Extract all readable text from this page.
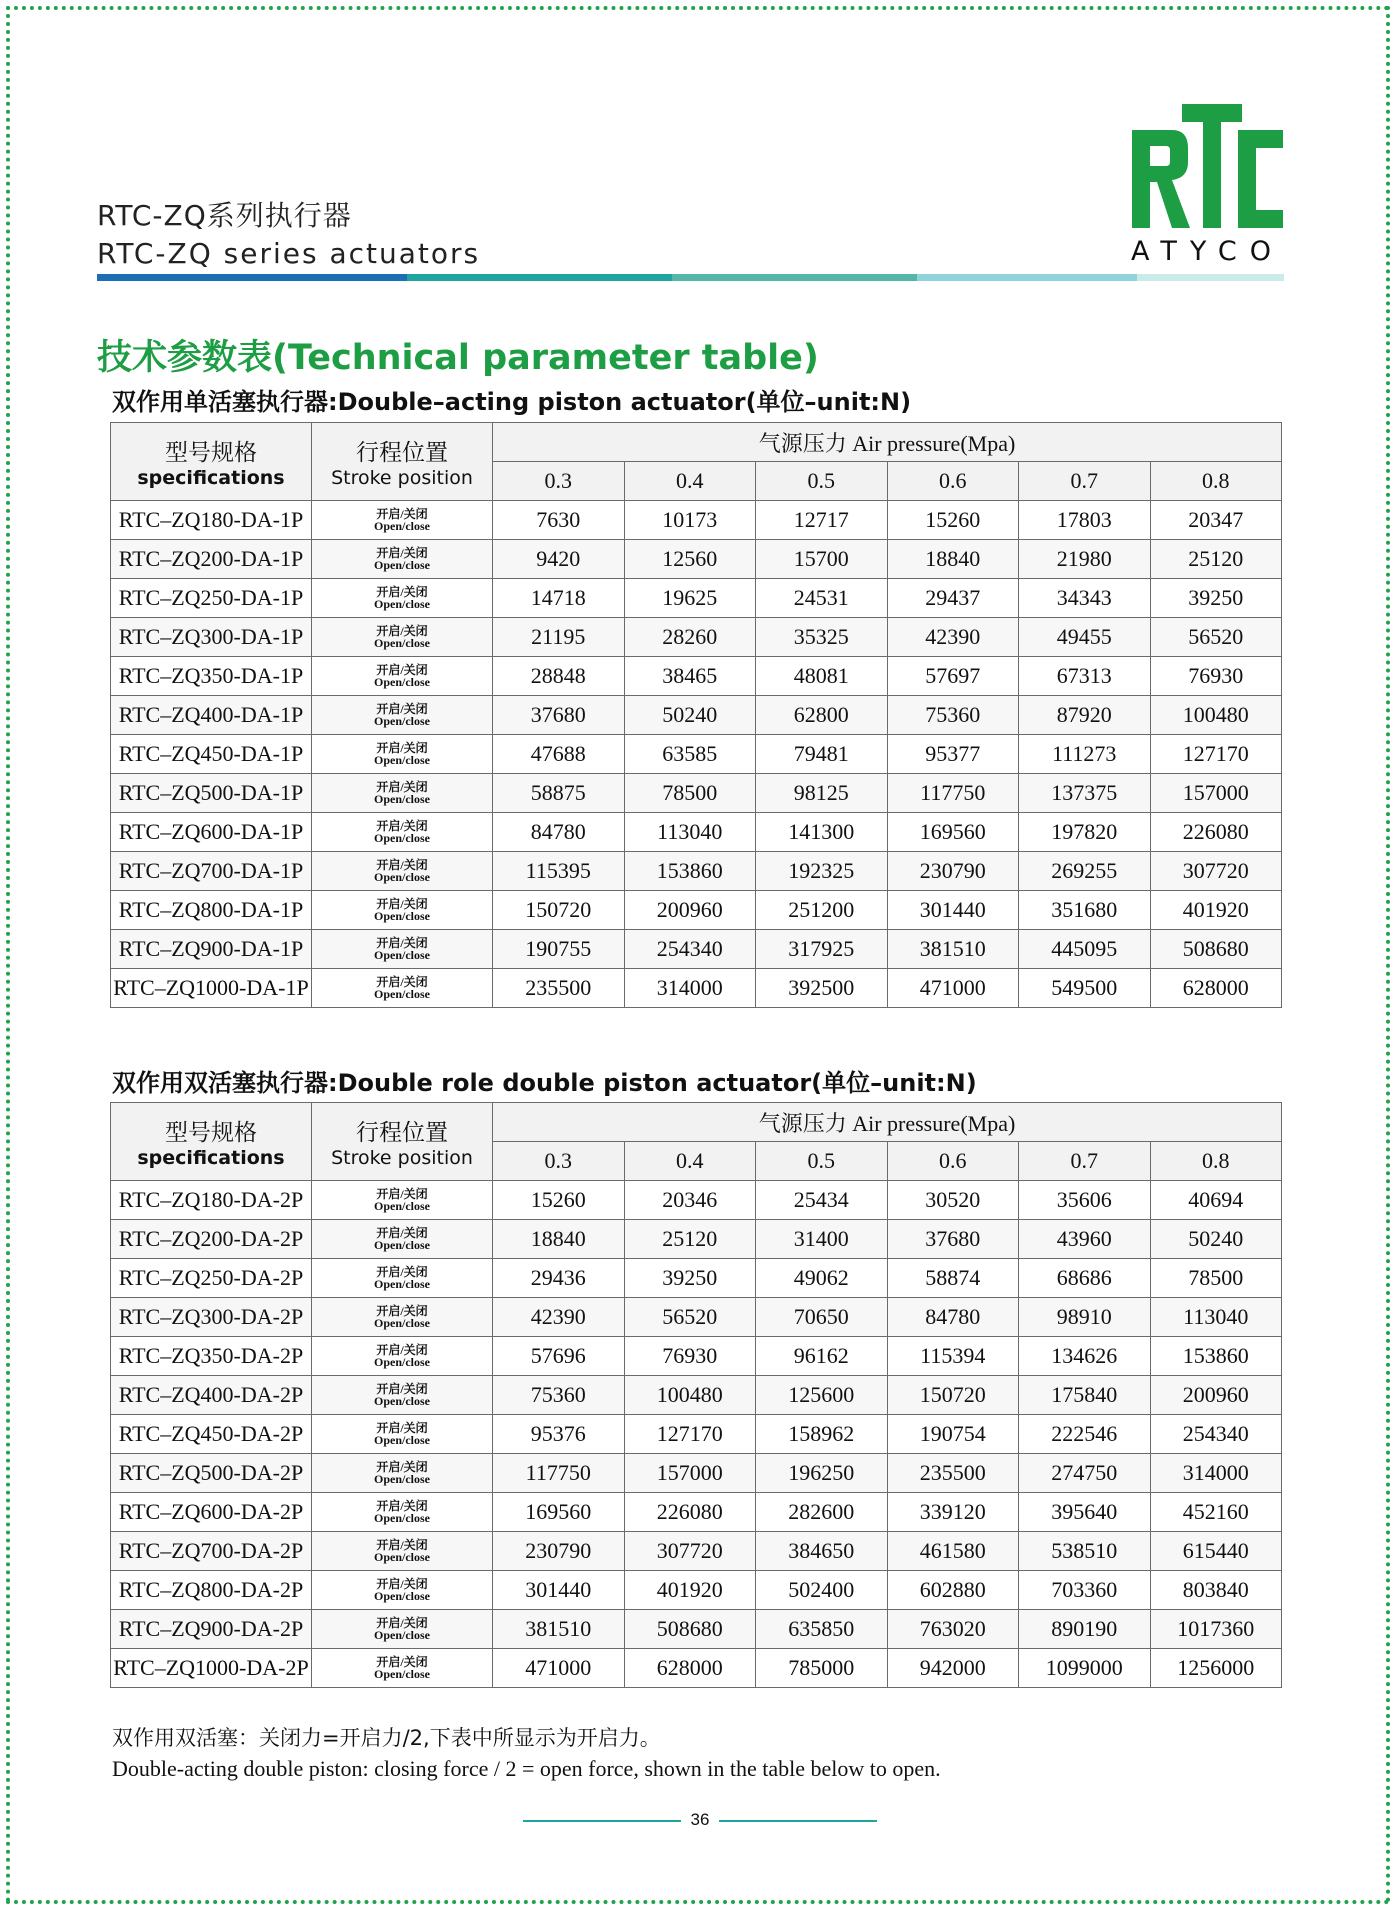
RTC-ZQ系列执行器
RTC-ZQ series actuators	ATYCO
技术参数表(Technical parameter table)
双作用单活塞执行器:Double–acting piston actuator(单位–unit:N)
型号规格
specifications	行程位置
Stroke position	气源压力 Air pressure(Mpa)					
		0.3	0.4	0.5	0.6	0.7	0.8
RTC–ZQ180-DA-1P	开启/关闭
Open/close	7630	10173	12717	15260	17803	20347
RTC–ZQ200-DA-1P	开启/关闭
Open/close	9420	12560	15700	18840	21980	25120
RTC–ZQ250-DA-1P	开启/关闭
Open/close	14718	19625	24531	29437	34343	39250
RTC–ZQ300-DA-1P	开启/关闭
Open/close	21195	28260	35325	42390	49455	56520
RTC–ZQ350-DA-1P	开启/关闭
Open/close	28848	38465	48081	57697	67313	76930
RTC–ZQ400-DA-1P	开启/关闭
Open/close	37680	50240	62800	75360	87920	100480
RTC–ZQ450-DA-1P	开启/关闭
Open/close	47688	63585	79481	95377	111273	127170
RTC–ZQ500-DA-1P	开启/关闭
Open/close	58875	78500	98125	117750	137375	157000
RTC–ZQ600-DA-1P	开启/关闭
Open/close	84780	113040	141300	169560	197820	226080
RTC–ZQ700-DA-1P	开启/关闭
Open/close	115395	153860	192325	230790	269255	307720
RTC–ZQ800-DA-1P	开启/关闭
Open/close	150720	200960	251200	301440	351680	401920
RTC–ZQ900-DA-1P	开启/关闭
Open/close	190755	254340	317925	381510	445095	508680
RTC–ZQ1000-DA-1P	开启/关闭
Open/close	235500	314000	392500	471000	549500	628000
双作用双活塞执行器:Double role double piston actuator(单位–unit:N)
型号规格
specifications	行程位置
Stroke position	气源压力 Air pressure(Mpa)					
		0.3	0.4	0.5	0.6	0.7	0.8
RTC–ZQ180-DA-2P	开启/关闭
Open/close	15260	20346	25434	30520	35606	40694
RTC–ZQ200-DA-2P	开启/关闭
Open/close	18840	25120	31400	37680	43960	50240
RTC–ZQ250-DA-2P	开启/关闭
Open/close	29436	39250	49062	58874	68686	78500
RTC–ZQ300-DA-2P	开启/关闭
Open/close	42390	56520	70650	84780	98910	113040
RTC–ZQ350-DA-2P	开启/关闭
Open/close	57696	76930	96162	115394	134626	153860
RTC–ZQ400-DA-2P	开启/关闭
Open/close	75360	100480	125600	150720	175840	200960
RTC–ZQ450-DA-2P	开启/关闭
Open/close	95376	127170	158962	190754	222546	254340
RTC–ZQ500-DA-2P	开启/关闭
Open/close	117750	157000	196250	235500	274750	314000
RTC–ZQ600-DA-2P	开启/关闭
Open/close	169560	226080	282600	339120	395640	452160
RTC–ZQ700-DA-2P	开启/关闭
Open/close	230790	307720	384650	461580	538510	615440
RTC–ZQ800-DA-2P	开启/关闭
Open/close	301440	401920	502400	602880	703360	803840
RTC–ZQ900-DA-2P	开启/关闭
Open/close	381510	508680	635850	763020	890190	1017360
RTC–ZQ1000-DA-2P	开启/关闭
Open/close	471000	628000	785000	942000	1099000	1256000
双作用双活塞：关闭力=开启力/2,下表中所显示为开启力。
Double-acting double piston: closing force / 2 = open force, shown in the table below to open.
36
